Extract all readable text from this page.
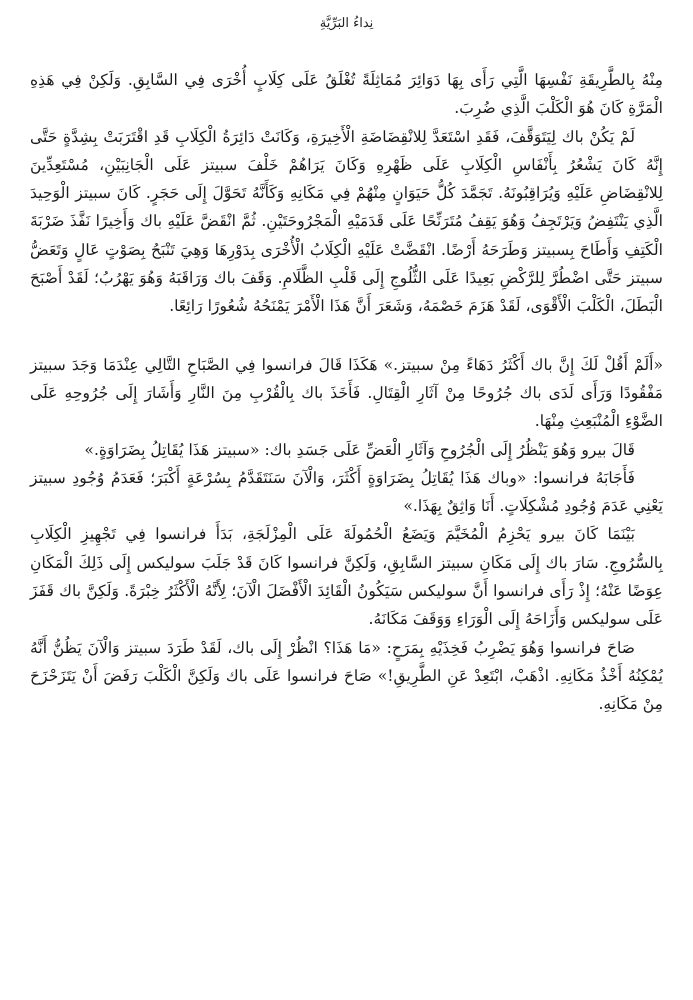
نِداءُ البَرِّيَّةِ

مِنْهُ بِالطَّرِيقَةِ نَفْسِهَا الَّتِي رَأَى بِهَا دَوَائِرَ مُمَاثِلَةً تُغْلَقُ عَلَى كِلَابٍ أُخْرَى فِي السَّابِقِ. وَلَكِنْ فِي هَذِهِ الْمَرَّةِ كَانَ هُوَ الْكَلْبَ الَّذِي ضُرِبَ.

لَمْ يَكُنْ باك لِيَتَوَقَّفَ، فَقَدِ اسْتَعَدَّ لِلانْقِضَاضَةِ الْأَخِيرَةِ، وَكَانَتْ دَائِرَةُ الْكِلَابِ قَدِ اقْتَرَبَتْ بِشِدَّةٍ حَتَّى إِنَّهُ كَانَ يَشْعُرُ بِأَنْفَاسِ الْكِلَابِ عَلَى ظَهْرِهِ وَكَانَ يَرَاهُمْ خَلْفَ سبيتز عَلَى الْجَانِبَيْنِ، مُسْتَعِدِّينَ لِلانْقِضَاضِ عَلَيْهِ وَيُرَاقِبُونَهُ. تَجَمَّدَ كُلُّ حَيَوَانٍ مِنْهُمْ فِي مَكَانِهِ وَكَأَنَّهُ تَحَوَّلَ إِلَى حَجَرٍ. كَانَ سبيتز الْوَحِيدَ الَّذِي يَنْتَفِضُ وَيَرْتَجِفُ وَهُوَ يَقِفُ مُتَرَنِّحًا عَلَى قَدَمَيْهِ الْمَجْرُوحَتَيْنِ. ثُمَّ انْقَضَّ عَلَيْهِ باك وَأَخِيرًا نَفَّذَ ضَرْبَةَ الْكَتِفِ وَأَطَاحَ بِسبيتز وَطَرَحَهُ أَرْضًا. انْقَضَّتْ عَلَيْهِ الْكِلَابُ الْأُخْرَى بِدَوْرِهَا وَهِيَ تَنْبَحُ بِصَوْتٍ عَالٍ وَتَعَضُّ سبيتز حَتَّى اضْطُرَّ لِلرَّكْضِ بَعِيدًا عَلَى الثُّلُوجِ إِلَى قَلْبِ الظَّلَامِ. وَقَفَ باك وَرَاقَبَهُ وَهُوَ يَهْرُبُ؛ لَقَدْ أَصْبَحَ الْبَطَلَ، الْكَلْبَ الْأَقْوَى، لَقَدْ هَزَمَ خَصْمَهُ، وَشَعَرَ أَنَّ هَذَا الْأَمْرَ يَمْنَحُهُ شُعُورًا رَائِعًا.

«أَلَمْ أَقُلْ لَكَ إِنَّ باك أَكْثَرُ دَهَاءً مِنْ سبيتز.» هَكَذَا قَالَ فرانسوا فِي الصَّبَاحِ التَّالِي عِنْدَمَا وَجَدَ سبيتز مَفْقُودًا وَرَأَى لَدَى باك جُرُوحًا مِنْ آثَارِ الْقِتَالِ. فَأَخَذَ باك بِالْقُرْبِ مِنَ النَّارِ وَأَشَارَ إِلَى جُرُوحِهِ عَلَى الضَّوْءِ الْمُنْبَعِثِ مِنْهَا.

قَالَ بيرو وَهُوَ يَنْظُرُ إِلَى الْجُرُوحِ وَآثَارِ الْعَضِّ عَلَى جَسَدِ باك: «سبيتز هَذَا يُقَاتِلُ بِضَرَاوَةٍ.»

فَأَجَابَهُ فرانسوا: «وباك هَذَا يُقَاتِلُ بِضَرَاوَةٍ أَكْثَرَ، وَالْآنَ سَنَتَقَدَّمُ بِسُرْعَةٍ أَكْبَرَ؛ فَعَدَمُ وُجُودِ سبيتز يَعْنِي عَدَمَ وُجُودِ مُشْكِلَاتٍ. أَنَا وَاثِقٌ بِهَذَا.»

بَيْنَمَا كَانَ بيرو يَحْزِمُ الْمُخَيَّمَ وَيَضَعُ الْحُمُولَةَ عَلَى الْمِزْلَجَةِ، بَدَأَ فرانسوا فِي تَجْهِيزِ الْكِلَابِ بِالسُّرُوجِ. سَارَ باك إِلَى مَكَانِ سبيتز السَّابِقِ، وَلَكِنَّ فرانسوا كَانَ قَدْ جَلَبَ سوليكس إِلَى ذَلِكَ الْمَكَانِ عِوَضًا عَنْهُ؛ إِذْ رَأَى فرانسوا أَنَّ سوليكس سَيَكُونُ الْقَائِدَ الْأَفْضَلَ الْآنَ؛ لِأَنَّهُ الْأَكْثَرُ خِبْرَةً. وَلَكِنَّ باك قَفَزَ عَلَى سوليكس وَأَزَاحَهُ إِلَى الْوَرَاءِ وَوَقَفَ مَكَانَهُ.

صَاحَ فرانسوا وَهُوَ يَضْرِبُ فَخِذَيْهِ بِمَرَحٍ: «مَا هَذَا؟ انْظُرْ إِلَى باك، لَقَدْ طَرَدَ سبيتز وَالْآنَ يَظُنُّ أَنَّهُ يُمْكِنُهُ أَخْذُ مَكَانِهِ. اذْهَبْ، ابْتَعِدْ عَنِ الطَّرِيقِ!» صَاحَ فرانسوا عَلَى باك وَلَكِنَّ الْكَلْبَ رَفَضَ أَنْ يَتَزَحْزَحَ مِنْ مَكَانِهِ.
